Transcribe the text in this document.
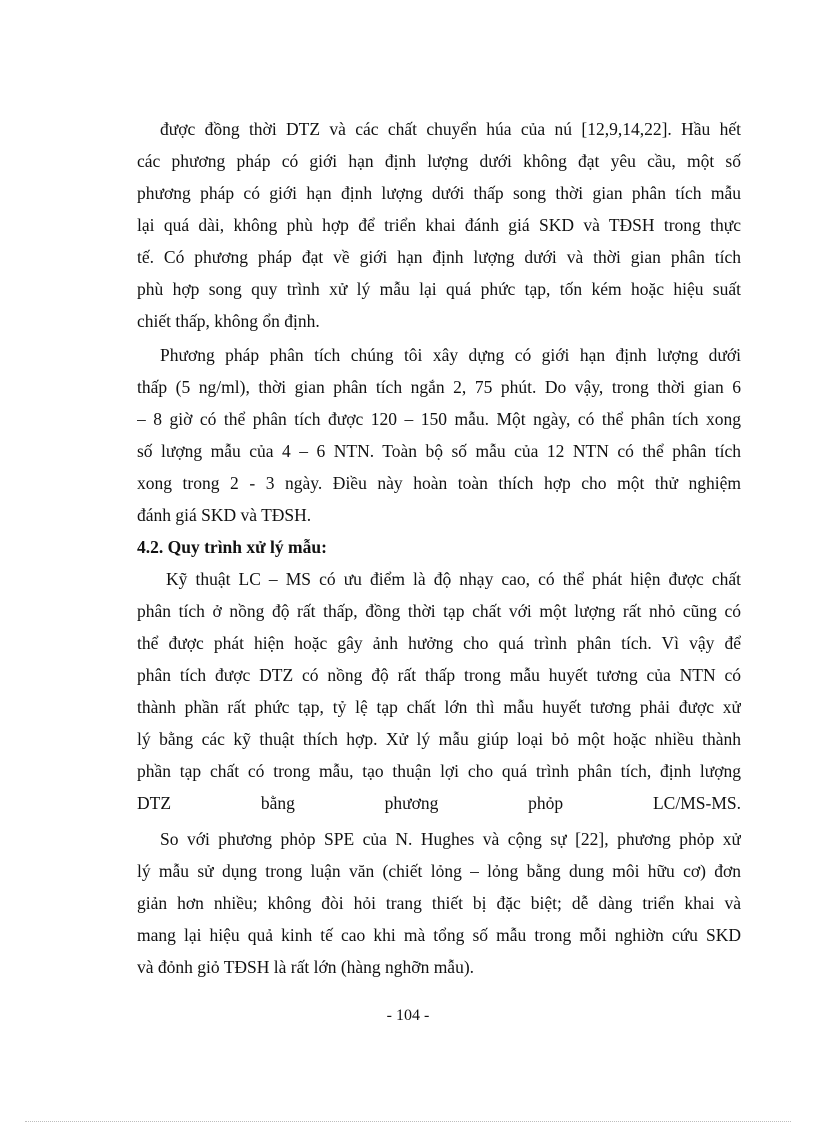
được đồng thời DTZ và các chất chuyển húa của nú [12,9,14,22]. Hầu hết
các phương pháp có giới hạn định lượng dưới không đạt yêu cầu, một số
phương pháp có giới hạn định lượng dưới thấp song thời gian phân tích mẫu
lại quá dài, không phù hợp để triển khai đánh giá SKD và TĐSH trong thực
tế. Có phương pháp đạt về giới hạn định lượng dưới và thời gian phân tích
phù hợp song quy trình xử lý mẫu lại quá phức tạp, tốn kém hoặc hiệu suất
chiết thấp, không ổn định.
Phương pháp phân tích chúng tôi xây dựng có giới hạn định lượng dưới
thấp (5 ng/ml), thời gian phân tích ngắn 2, 75 phút. Do vậy, trong thời gian 6
– 8 giờ có thể phân tích được 120 – 150 mẫu. Một ngày, có thể phân tích xong
số lượng mẫu của 4 – 6 NTN. Toàn bộ số mẫu của 12 NTN có thể phân tích
xong trong 2 - 3 ngày. Điều này hoàn toàn thích hợp cho một thử nghiệm
đánh giá SKD và TĐSH.
4.2. Quy trình xử lý mẫu:
Kỹ thuật LC – MS có ưu điểm là độ nhạy cao, có thể phát hiện được chất
phân tích ở nồng độ rất thấp, đồng thời tạp chất với một lượng rất nhỏ cũng có
thể được phát hiện hoặc gây ảnh hưởng cho quá trình phân tích. Vì vậy để
phân tích được DTZ có nồng độ rất thấp trong mẫu huyết tương của NTN có
thành phần rất phức tạp, tỷ lệ tạp chất lớn thì mẫu huyết tương phải được xử
lý bằng các kỹ thuật thích hợp. Xử lý mẫu giúp loại bỏ một hoặc nhiều thành
phần tạp chất có trong mẫu, tạo thuận lợi cho quá trình phân tích, định lượng
DTZ bằng phương phỏp LC/MS-MS.
So với phương phỏp SPE của N. Hughes và cộng sự [22], phương phỏp xử
lý mẫu sử dụng trong luận văn (chiết lỏng – lỏng bằng dung môi hữu cơ) đơn
giản hơn nhiều; không đòi hỏi trang thiết bị đặc biệt; dễ dàng triển khai và
mang lại hiệu quả kinh tế cao khi mà tổng số mẫu trong mỗi nghiờn cứu SKD
và đỏnh giỏ TĐSH là rất lớn (hàng nghỡn mẫu).
- 104 -
